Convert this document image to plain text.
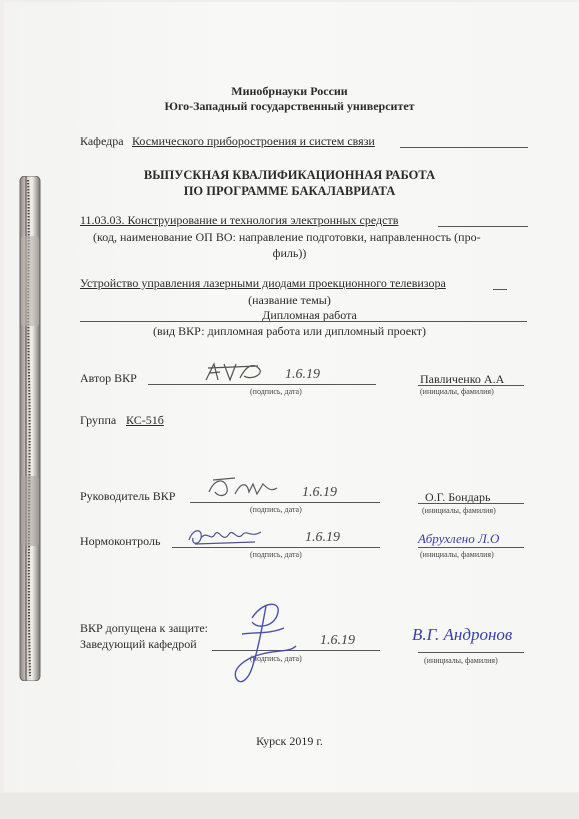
Минобрнауки России
Юго-Западный государственный университет
Кафедра Космического приборостроения и систем связи
ВЫПУСКНАЯ КВАЛИФИКАЦИОННАЯ РАБОТА
ПО ПРОГРАММЕ БАКАЛАВРИАТА
11.03.03. Конструирование и технология электронных средств
(код, наименование ОП ВО: направление подготовки, направленность (про-
филь))
Устройство управления лазерными диодами проекционного телевизора
(название темы)
Дипломная работа
(вид ВКР: дипломная работа или дипломный проект)
Автор ВКР	1.6.19
(подпись, дата)
Павличенко А.А
(инициалы, фамилия)
Группа КС-51б
Руководитель ВКР	1.6.19
(подпись, дата)
О.Г. Бондарь
(инициалы, фамилия)
Нормоконтроль	1.6.19
(подпись, дата)
Абрухлено Л.О
(инициалы, фамилия)
ВКР допущена к защите:
Заведующий кафедрой	1.6.19
(подпись, дата)
В.Г. Андронов
(инициалы, фамилия)
Курск 2019 г.
